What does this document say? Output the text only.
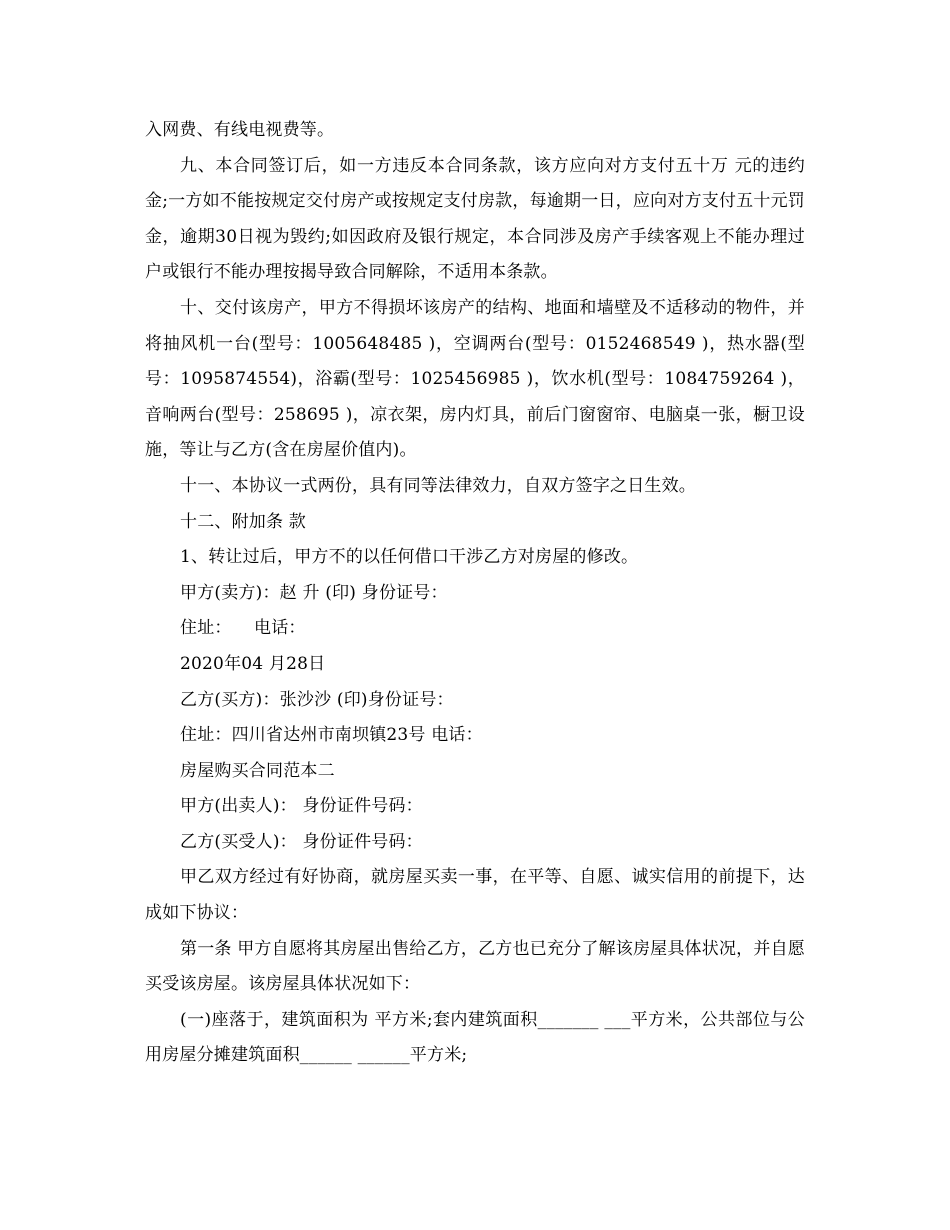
入网费、有线电视费等。

九、本合同签订后，如一方违反本合同条款，该方应向对方支付五十万 元的违约金;一方如不能按规定交付房产或按规定支付房款，每逾期一日，应向对方支付五十元罚金，逾期30日视为毁约;如因政府及银行规定，本合同涉及房产手续客观上不能办理过户或银行不能办理按揭导致合同解除，不适用本条款。

十、交付该房产，甲方不得损坏该房产的结构、地面和墙壁及不适移动的物件，并将抽风机一台(型号：1005648485 )，空调两台(型号：0152468549 )，热水器(型号：1095874554)，浴霸(型号：1025456985 )，饮水机(型号：1084759264 )，音响两台(型号：258695 )，凉衣架，房内灯具，前后门窗窗帘、电脑桌一张，橱卫设施，等让与乙方(含在房屋价值内)。

十一、本协议一式两份，具有同等法律效力，自双方签字之日生效。

十二、附加条 款

1、转让过后，甲方不的以任何借口干涉乙方对房屋的修改。

甲方(卖方)：赵 升 (印) 身份证号：

住址：    电话：

2020年04 月28日

乙方(买方)：张沙沙 (印)身份证号：

住址：四川省达州市南坝镇23号 电话：

房屋购买合同范本二

甲方(出卖人)： 身份证件号码：

乙方(买受人)： 身份证件号码：

甲乙双方经过有好协商，就房屋买卖一事，在平等、自愿、诚实信用的前提下，达成如下协议：

第一条 甲方自愿将其房屋出售给乙方，乙方也已充分了解该房屋具体状况，并自愿买受该房屋。该房屋具体状况如下：

(一)座落于，建筑面积为 平方米;套内建筑面积_______ ___平方米，公共部位与公用房屋分摊建筑面积______ ______平方米;
